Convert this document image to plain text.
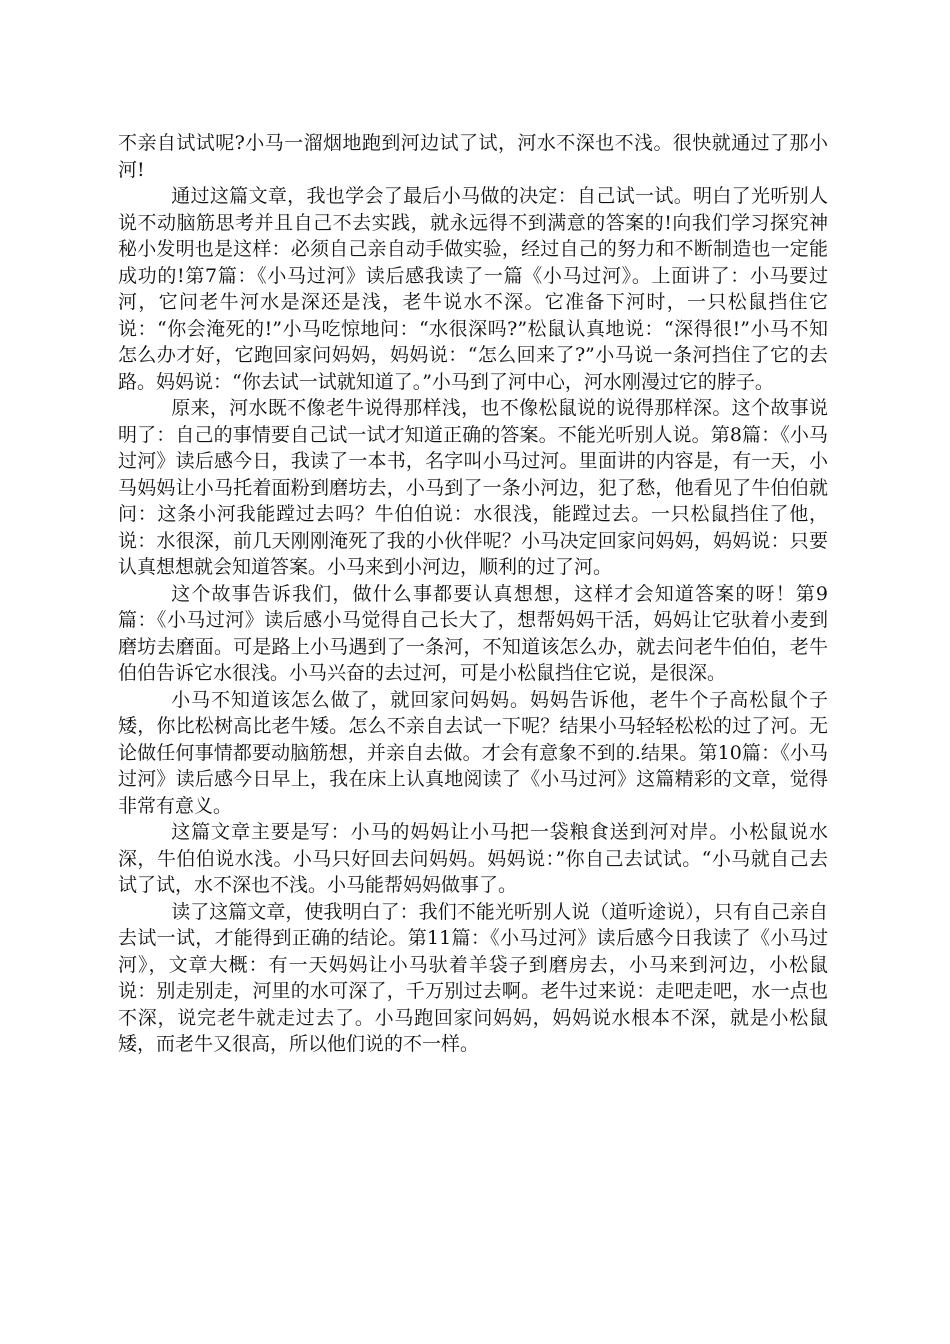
不亲自试试呢?小马一溜烟地跑到河边试了试，河水不深也不浅。很快就通过了那小河!

通过这篇文章，我也学会了最后小马做的决定：自己试一试。明白了光听别人说不动脑筋思考并且自己不去实践，就永远得不到满意的答案的!向我们学习探究神秘小发明也是这样：必须自己亲自动手做实验，经过自己的努力和不断制造也一定能成功的!第7篇：《小马过河》读后感我读了一篇《小马过河》。上面讲了：小马要过河，它问老牛河水是深还是浅，老牛说水不深。它准备下河时，一只松鼠挡住它说：“你会淹死的!”小马吃惊地问：“水很深吗?”松鼠认真地说：“深得很!”小马不知怎么办才好，它跑回家问妈妈，妈妈说：“怎么回来了?”小马说一条河挡住了它的去路。妈妈说：“你去试一试就知道了。”小马到了河中心，河水刚漫过它的脖子。

原来，河水既不像老牛说得那样浅，也不像松鼠说的说得那样深。这个故事说明了：自己的事情要自己试一试才知道正确的答案。不能光听别人说。第8篇：《小马过河》读后感今日，我读了一本书，名字叫小马过河。里面讲的内容是，有一天，小马妈妈让小马托着面粉到磨坊去，小马到了一条小河边，犯了愁，他看见了牛伯伯就问：这条小河我能蹚过去吗？牛伯伯说：水很浅，能蹚过去。一只松鼠挡住了他，说：水很深，前几天刚刚淹死了我的小伙伴呢？小马决定回家问妈妈，妈妈说：只要认真想想就会知道答案。小马来到小河边，顺利的过了河。

这个故事告诉我们，做什么事都要认真想想，这样才会知道答案的呀！第9篇：《小马过河》读后感小马觉得自己长大了，想帮妈妈干活，妈妈让它驮着小麦到磨坊去磨面。可是路上小马遇到了一条河，不知道该怎么办，就去问老牛伯伯，老牛伯伯告诉它水很浅。小马兴奋的去过河，可是小松鼠挡住它说，是很深。

小马不知道该怎么做了，就回家问妈妈。妈妈告诉他，老牛个子高松鼠个子矮，你比松树高比老牛矮。怎么不亲自去试一下呢？结果小马轻轻松松的过了河。无论做任何事情都要动脑筋想，并亲自去做。才会有意象不到的.结果。第10篇：《小马过河》读后感今日早上，我在床上认真地阅读了《小马过河》这篇精彩的文章，觉得非常有意义。

这篇文章主要是写：小马的妈妈让小马把一袋粮食送到河对岸。小松鼠说水深，牛伯伯说水浅。小马只好回去问妈妈。妈妈说：”你自己去试试。“小马就自己去试了试，水不深也不浅。小马能帮妈妈做事了。

读了这篇文章，使我明白了：我们不能光听别人说（道听途说），只有自己亲自去试一试，才能得到正确的结论。第11篇：《小马过河》读后感今日我读了《小马过河》，文章大概：有一天妈妈让小马驮着羊袋子到磨房去，小马来到河边，小松鼠说：别走别走，河里的水可深了，千万别过去啊。老牛过来说：走吧走吧，水一点也不深，说完老牛就走过去了。小马跑回家问妈妈，妈妈说水根本不深，就是小松鼠矮，而老牛又很高，所以他们说的不一样。
